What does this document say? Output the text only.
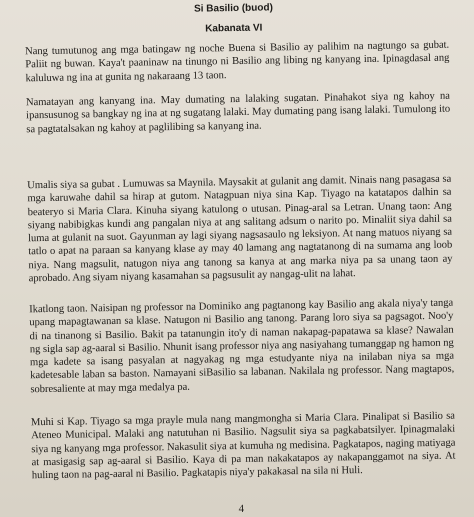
Si Basilio (buod)
Kabanata VI
Nang tumutunog ang mga batingaw ng noche Buena si Basilio ay palihim na nagtungo sa gubat. Paliit ng buwan. Kaya't paaninaw na tinungo ni Basilio ang libing ng kanyang ina. Ipinagdasal ang kaluluwa ng ina at gunita ng nakaraang 13 taon.
Namatayan ang kanyang ina. May dumating na lalaking sugatan. Pinahakot siya ng kahoy na ipansusunog sa bangkay ng ina at ng sugatang lalaki. May dumating pang isang lalaki. Tumulong ito sa pagtatalsakan ng kahoy at paglilibing sa kanyang ina.
Umalis siya sa gubat . Lumuwas sa Maynila. Maysakit at gulanit ang damit. Ninais nang pasagasa sa mga karuwahe dahil sa hirap at gutom. Natagpuan niya sina Kap. Tiyago na katatapos dalhin sa beateryo si Maria Clara. Kinuha siyang katulong o utusan. Pinag-aral sa Letran. Unang taon: Ang siyang nabibigkas kundi ang pangalan niya at ang salitang adsum o narito po. Minaliit siya dahil sa luma at gulanit na suot. Gayunman ay lagi siyang nagsasaulo ng leksiyon. At nang matuos niyang sa tatlo o apat na paraan sa kanyang klase ay may 40 lamang ang nagtatanong di na sumama ang loob niya. Nang magsulit, natugon niya ang tanong sa kanya at ang marka niya pa sa unang taon ay aprobado. Ang siyam niyang kasamahan sa pagsusulit ay nangag-ulit na lahat.
Ikatlong taon. Naisipan ng professor na Dominiko ang pagtanong kay Basilio ang akala niya'y tanga upang mapagtawanan sa klase. Natugon ni Basilio ang tanong. Parang loro siya sa pagsagot. Noo'y di na tinanong si Basilio. Bakit pa tatanungin ito'y di naman nakapag-papatawa sa klase? Nawalan ng sigla sap ag-aaral si Basilio. Nhunit isang professor niya ang nasiyahang tumanggap ng hamon ng mga kadete sa isang pasyalan at nagyakag ng mga estudyante niya na inilaban niya sa mga kadetesable laban sa baston. Namayani siBasilio sa labanan. Nakilala ng professor. Nang magtapos, sobresaliente at may mga medalya pa.
Muhi si Kap. Tiyago sa mga prayle mula nang mangmongha si Maria Clara. Pinalipat si Basilio sa Ateneo Municipal. Malaki ang natutuhan ni Basilio. Nagsulit siya sa pagkabatsilyer. Ipinagmalaki siya ng kanyang mga professor. Nakasulit siya at kumuha ng medisina. Pagkatapos, naging matiyaga at masigasig sap ag-aaral si Basilio. Kaya di pa man nakakatapos ay nakapanggamot na siya. At huling taon na pag-aaral ni Basilio. Pagkatapis niya'y pakakasal na sila ni Huli.
4
